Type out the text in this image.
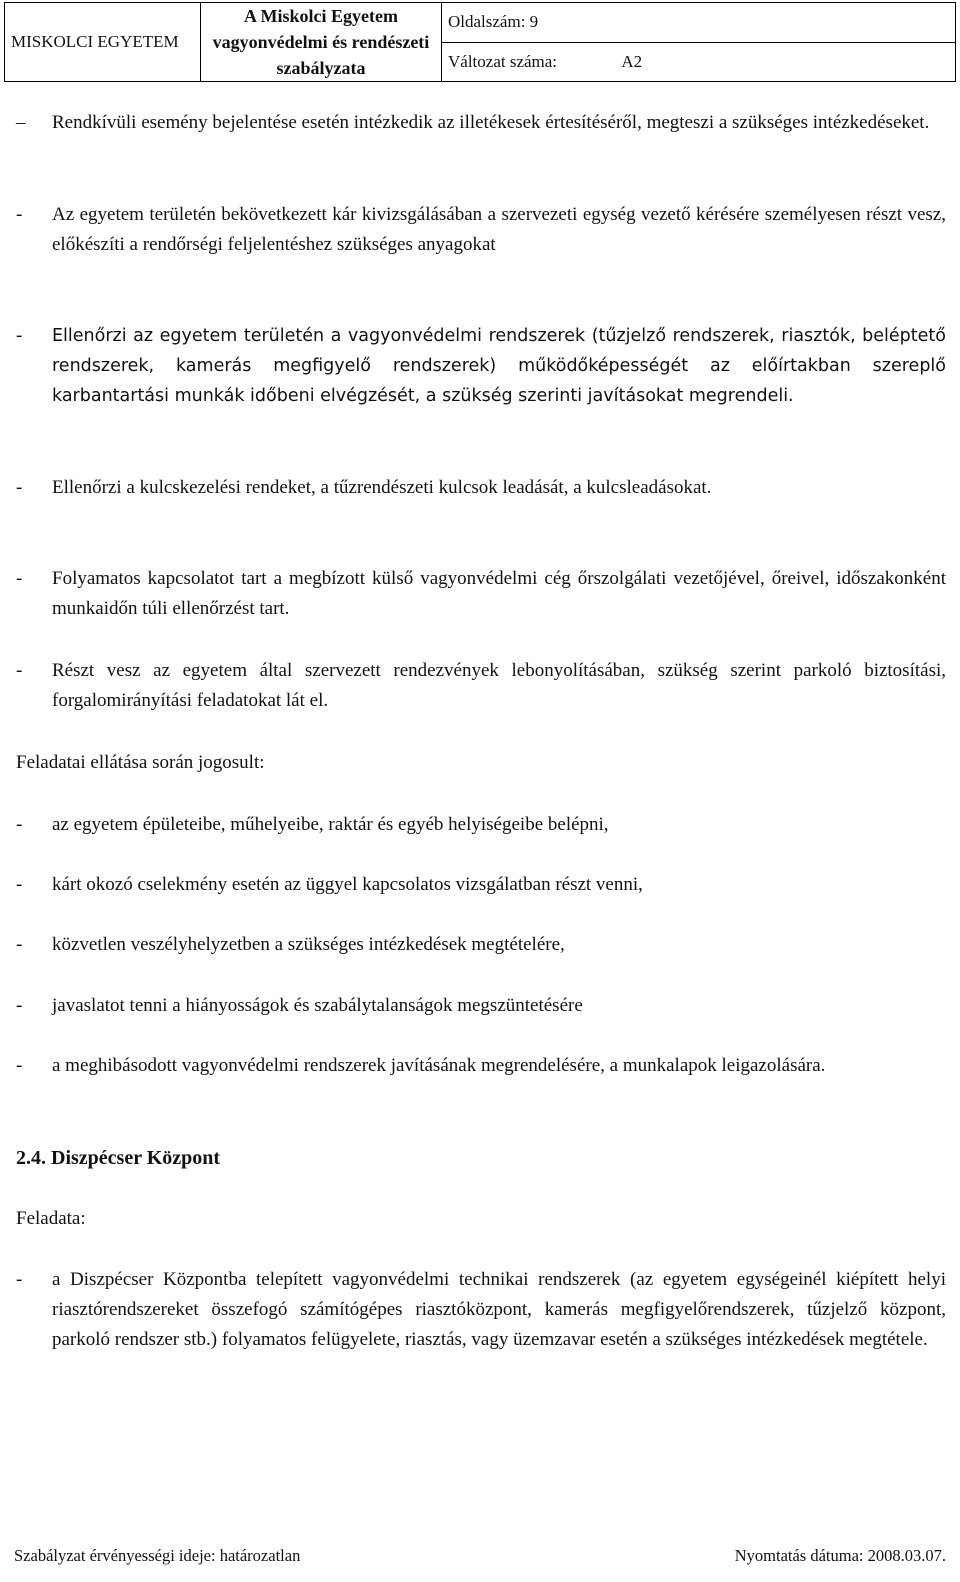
MISKOLCI EGYETEM	
A Miskolci Egyetem
vagyonvédelmi és rendészeti
szabályzata
	Oldalszám: 9
Változat száma:	A2
– Rendkívüli esemény bejelentése esetén intézkedik az illetékesek értesítéséről, megteszi a szükséges intézkedéseket.
- Az egyetem területén bekövetkezett kár kivizsgálásában a szervezeti egység vezető kérésére személyesen részt vesz, előkészíti a rendőrségi feljelentéshez szükséges anyagokat
- Ellenőrzi az egyetem területén a vagyonvédelmi rendszerek (tűzjelző rendszerek, riasztók, beléptető rendszerek, kamerás megfigyelő rendszerek) működőképességét az előírtakban szereplő karbantartási munkák időbeni elvégzését, a szükség szerinti javításokat megrendeli.
- Ellenőrzi a kulcskezelési rendeket, a tűzrendészeti kulcsok leadását, a kulcsleadásokat.
- Folyamatos kapcsolatot tart a megbízott külső vagyonvédelmi cég őrszolgálati vezetőjével, őreivel, időszakonként munkaidőn túli ellenőrzést tart.
- Részt vesz az egyetem által szervezett rendezvények lebonyolításában, szükség szerint parkoló biztosítási, forgalomirányítási feladatokat lát el.
Feladatai ellátása során jogosult:
- az egyetem épületeibe, műhelyeibe, raktár és egyéb helyiségeibe belépni,
- kárt okozó cselekmény esetén az üggyel kapcsolatos vizsgálatban részt venni,
- közvetlen veszélyhelyzetben a szükséges intézkedések megtételére,
- javaslatot tenni a hiányosságok és szabálytalanságok megszüntetésére
- a meghibásodott vagyonvédelmi rendszerek javításának megrendelésére, a munkalapok leigazolására.
2.4. Diszpécser Központ
Feladata:
- a Diszpécser Központba telepített vagyonvédelmi technikai rendszerek (az egyetem egységeinél kiépített helyi riasztórendszereket összefogó számítógépes riasztóközpont, kamerás megfigyelőrendszerek, tűzjelző központ, parkoló rendszer stb.) folyamatos felügyelete, riasztás, vagy üzemzavar esetén a szükséges intézkedések megtétele.
Szabályzat érvényességi ideje: határozatlan	Nyomtatás dátuma: 2008.03.07.
